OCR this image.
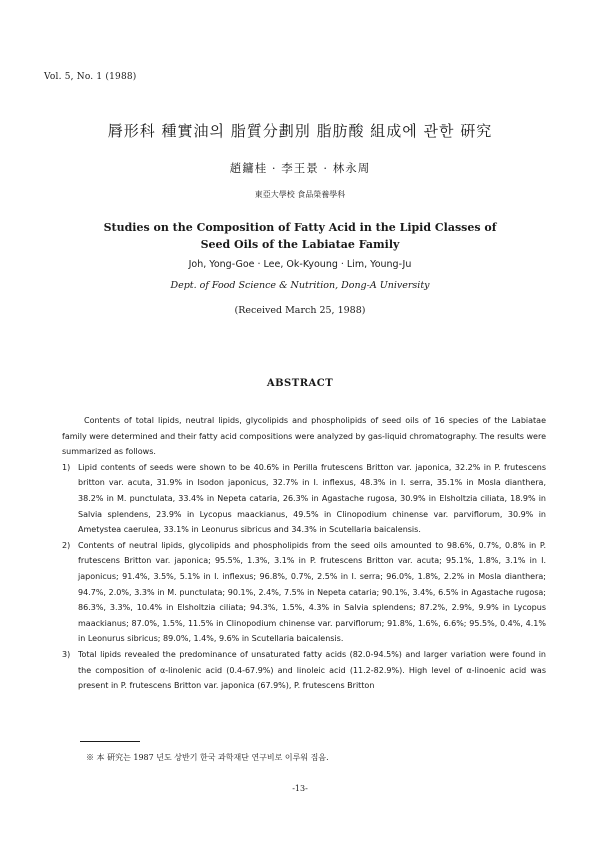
Vol. 5, No. 1 (1988)
脣形科 種實油의 脂質分劃別 脂肪酸 組成에 관한 硏究
趙鏞桂 · 李王景 · 林永周
東亞大學校 食品榮養學科
Studies on the Composition of Fatty Acid in the Lipid Classes of
Seed Oils of the Labiatae Family
Joh, Yong-Goe · Lee, Ok-Kyoung · Lim, Young-Ju
Dept. of Food Science & Nutrition, Dong-A University
(Received March 25, 1988)
ABSTRACT

Contents of total lipids, neutral lipids, glycolipids and phospholipids of seed oils of 16 species of the Labiatae family were determined and their fatty acid compositions were analyzed by gas-liquid chromatography. The results were summarized as follows.

1) Lipid contents of seeds were shown to be 40.6% in Perilla frutescens Britton var. japonica, 32.2% in P. frutescens britton var. acuta, 31.9% in Isodon japonicus, 32.7% in I. inflexus, 48.3% in I. serra, 35.1% in Mosla dianthera, 38.2% in M. punctulata, 33.4% in Nepeta cataria, 26.3% in Agastache rugosa, 30.9% in Elsholtzia ciliata, 18.9% in Salvia splendens, 23.9% in Lycopus maackianus, 49.5% in Clinopodium chinense var. parviflorum, 30.9% in Ametystea caerulea, 33.1% in Leonurus sibricus and 34.3% in Scutellaria baicalensis.
2) Contents of neutral lipids, glycolipids and phospholipids from the seed oils amounted to 98.6%, 0.7%, 0.8% in P. frutescens Britton var. japonica; 95.5%, 1.3%, 3.1% in P. frutescens Britton var. acuta; 95.1%, 1.8%, 3.1% in I. japonicus; 91.4%, 3.5%, 5.1% in I. inflexus; 96.8%, 0.7%, 2.5% in I. serra; 96.0%, 1.8%, 2.2% in Mosla dianthera; 94.7%, 2.0%, 3.3% in M. punctulata; 90.1%, 2.4%, 7.5% in Nepeta cataria; 90.1%, 3.4%, 6.5% in Agastache rugosa; 86.3%, 3.3%, 10.4% in Elsholtzia ciliata; 94.3%, 1.5%, 4.3% in Salvia splendens; 87.2%, 2.9%, 9.9% in Lycopus maackianus; 87.0%, 1.5%, 11.5% in Clinopodium chinense var. parviflorum; 91.8%, 1.6%, 6.6%; 95.5%, 0.4%, 4.1% in Leonurus sibricus; 89.0%, 1.4%, 9.6% in Scutellaria baicalensis.
3) Total lipids revealed the predominance of unsaturated fatty acids (82.0-94.5%) and larger variation were found in the composition of α-linolenic acid (0.4-67.9%) and linoleic acid (11.2-82.9%). High level of α-linoenic acid was present in P. frutescens Britton var. japonica (67.9%), P. frutescens Britton
※ 本 硏究는 1987 년도 상반기 한국 과학재단 연구비로 이루워 짐음.
-13-
